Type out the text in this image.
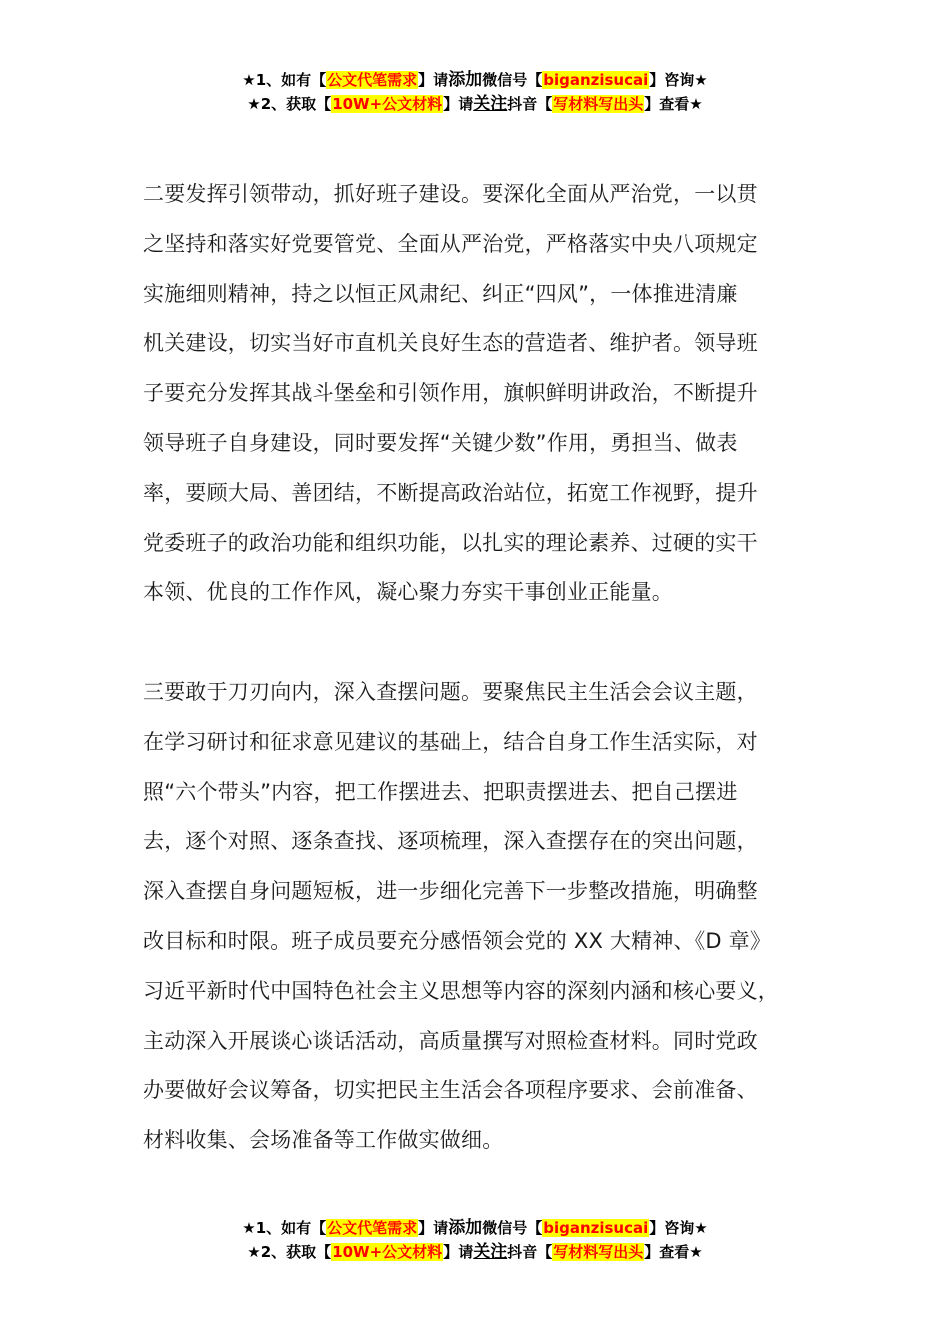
★1、如有【公文代笔需求】请添加微信号【biganzisucai】咨询★
★2、获取【10W+公文材料】请关注抖音【写材料写出头】查看★
二要发挥引领带动，抓好班子建设。要深化全面从严治党，一以贯
之坚持和落实好党要管党、全面从严治党，严格落实中央八项规定
实施细则精神，持之以恒正风肃纪、纠正“四风”，一体推进清廉
机关建设，切实当好市直机关良好生态的营造者、维护者。领导班
子要充分发挥其战斗堡垒和引领作用，旗帜鲜明讲政治，不断提升
领导班子自身建设，同时要发挥“关键少数”作用，勇担当、做表
率，要顾大局、善团结，不断提高政治站位，拓宽工作视野，提升
党委班子的政治功能和组织功能，以扎实的理论素养、过硬的实干
本领、优良的工作作风，凝心聚力夯实干事创业正能量。
三要敢于刀刃向内，深入查摆问题。要聚焦民主生活会会议主题，
在学习研讨和征求意见建议的基础上，结合自身工作生活实际，对
照“六个带头”内容，把工作摆进去、把职责摆进去、把自己摆进
去，逐个对照、逐条查找、逐项梳理，深入查摆存在的突出问题，
深入查摆自身问题短板，进一步细化完善下一步整改措施，明确整
改目标和时限。班子成员要充分感悟领会党的 XX 大精神、《D 章》
习近平新时代中国特色社会主义思想等内容的深刻内涵和核心要义，
主动深入开展谈心谈话活动，高质量撰写对照检查材料。同时党政
办要做好会议筹备，切实把民主生活会各项程序要求、会前准备、
材料收集、会场准备等工作做实做细。
★1、如有【公文代笔需求】请添加微信号【biganzisucai】咨询★
★2、获取【10W+公文材料】请关注抖音【写材料写出头】查看★
